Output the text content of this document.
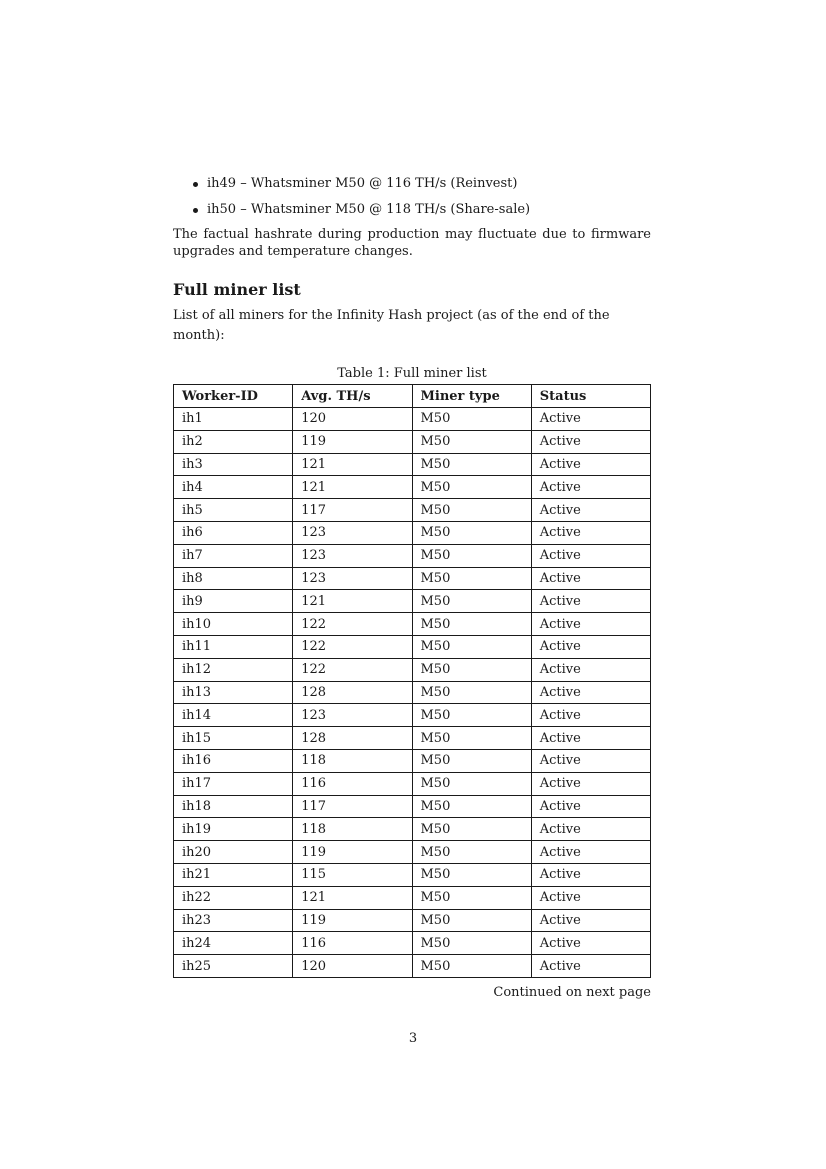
ih49 – Whatsminer M50 @ 116 TH/s (Reinvest)
ih50 – Whatsminer M50 @ 118 TH/s (Share-sale)

The factual hashrate during production may fluctuate due to firmware upgrades and temperature changes.

Full miner list

List of all miners for the Infinity Hash project (as of the end of the month):

Table 1: Full miner list
Worker-ID	Avg. TH/s	Miner type	Status
ih1	120	M50	Active
ih2	119	M50	Active
ih3	121	M50	Active
ih4	121	M50	Active
ih5	117	M50	Active
ih6	123	M50	Active
ih7	123	M50	Active
ih8	123	M50	Active
ih9	121	M50	Active
ih10	122	M50	Active
ih11	122	M50	Active
ih12	122	M50	Active
ih13	128	M50	Active
ih14	123	M50	Active
ih15	128	M50	Active
ih16	118	M50	Active
ih17	116	M50	Active
ih18	117	M50	Active
ih19	118	M50	Active
ih20	119	M50	Active
ih21	115	M50	Active
ih22	121	M50	Active
ih23	119	M50	Active
ih24	116	M50	Active
ih25	120	M50	Active
Continued on next page
3
